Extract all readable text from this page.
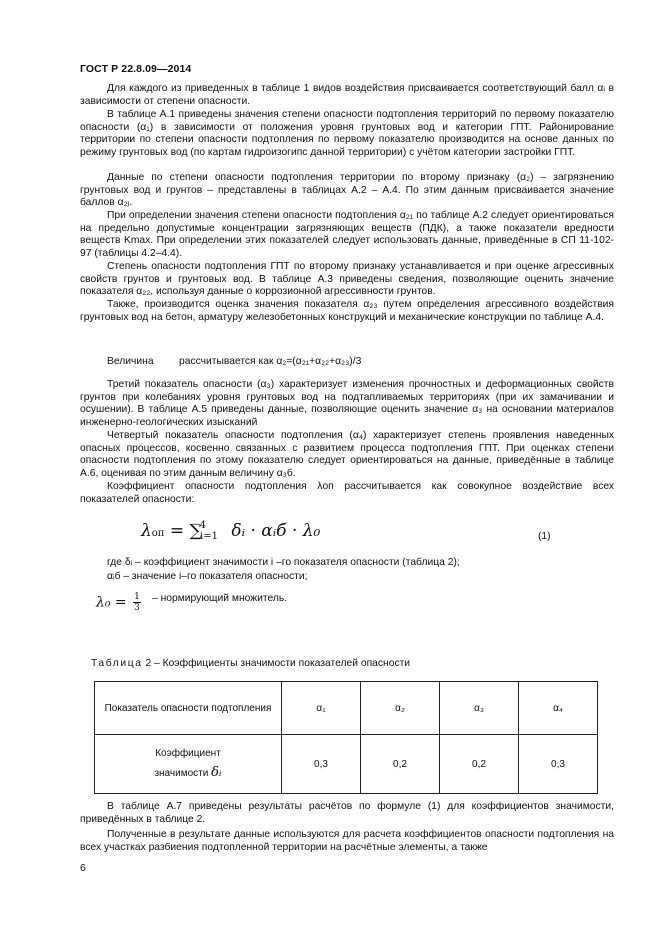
ГОСТ Р 22.8.09—2014

Для каждого из приведенных в таблице 1 видов воздействия присваивается соответствующий балл αᵢ в зависимости от степени опасности.

В таблице А.1 приведены значения степени опасности подтопления территорий по первому показателю опасности (α₁) в зависимости от положения уровня грунтовых вод и категории ГПТ. Районирование территории по степени опасности подтопления по первому показателю производится на основе данных по режиму грунтовых вод (по картам гидроизогипс данной территории) с учётом категории застройки ГПТ.

Данные по степени опасности подтопления территории по второму признаку (α₂) – загрязнению грунтовых вод и грунтов – представлены в таблицах А.2 – А.4. По этим данным присваивается значение баллов α₂ⱼ.

При определении значения степени опасности подтопления α₂₁ по таблице А.2 следует ориентироваться на предельно допустимые концентрации загрязняющих веществ (ПДК), а также показатели вредности веществ Kmax. При определении этих показателей следует использовать данные, приведённые в СП 11-102-97 (таблицы 4.2–4.4).

Степень опасности подтопления ГПТ по второму признаку устанавливается и при оценке агрессивных свойств грунтов и грунтовых вод. В таблице А.3 приведены сведения, позволяющие оценить значение показателя α₂₂, используя данные о коррозионной агрессивности грунтов.

Также, производится оценка значения показателя α₂₃ путем определения агрессивного воздействия грунтовых вод на бетон, арматуру железобетонных конструкций и механические конструкции по таблице А.4.

Величина рассчитывается как α₂=(α₂₁+α₂₂+α₂₃)/3

Третий показатель опасности (α₃) характеризует изменения прочностных и деформационных свойств грунтов при колебаниях уровня грунтовых вод на подтапливаемых территориях (при их замачивании и осушении). В таблице А.5 приведены данные, позволяющие оценить значение α₃ на основании материалов инженерно-геологических изысканий

Четвертый показатель опасности подтопления (α₄) характеризует степень проявления наведенных опасных процессов, косвенно связанных с развитием процесса подтопления ГПТ. При оценках степени опасности подтопления по этому показателю следует ориентироваться на данные, приведённые в таблице А.6, оценивая по этим данным величину α₃б.

Коэффициент опасности подтопления λоп рассчитывается как совокупное воздействие всех показателей опасности:

λоп = ∑$^4$i=1 δᵢ · αᵢб · λ₀	(1)
где δᵢ – коэффициент значимости i –го показателя опасности (таблица 2);
αᵢб – значение i–го показателя опасности;
$\lambda_0 = \frac{1}{3}$ – нормирующий множитель.
Таблица 2 – Коэффициенты значимости показателей опасности
Показатель опасности подтопления	α₁	α₂	α₃	α₄

Коэффициент
значимости δᵢ	0,3	0,2	0,2	0,3

В таблице А.7 приведены результаты расчётов по формуле (1) для коэффициентов значимости, приведённых в таблице 2.

Полученные в результате данные используются для расчета коэффициентов опасности подтопления на всех участках разбиения подтопленной территории на расчётные элементы, а также

6
